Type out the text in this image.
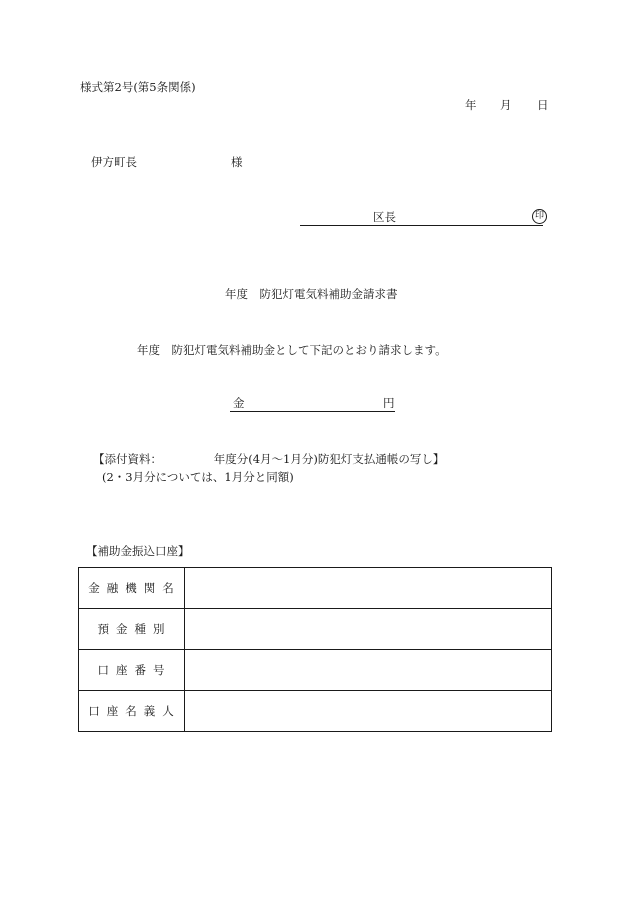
様式第2号(第5条関係)
年 月 日
伊方町長	様
区長	印
年度　防犯灯電気料補助金請求書
年度　防犯灯電気料補助金として下記のとおり請求します。
金	円
【添付資料：　　　　　年度分(4月～1月分)防犯灯支払通帳の写し】
(2・3月分については、1月分と同額)
【補助金振込口座】
金融機関名	
預金種別	
口座番号	
口座名義人	
